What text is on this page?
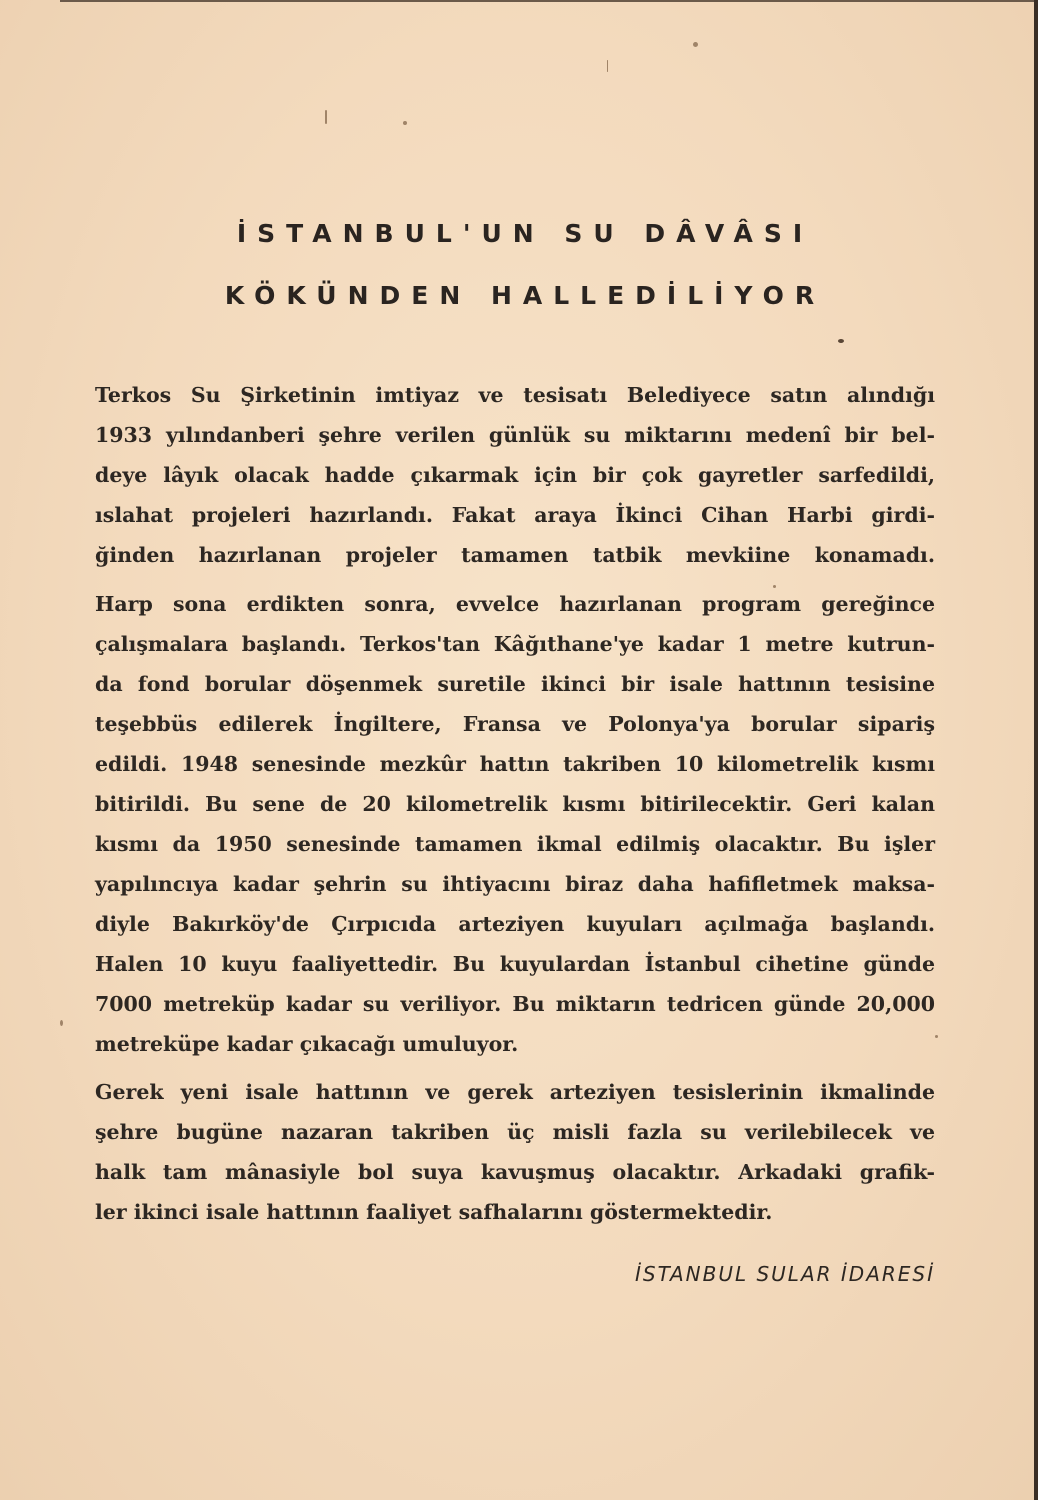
İSTANBUL'UN SU DÂVÂSI
KÖKÜNDEN HALLEDİLİYOR
Terkos Su Şirketinin imtiyaz ve tesisatı Belediyece satın alındığı
1933 yılındanberi şehre verilen günlük su miktarını medenî bir bel-
deye lâyık olacak hadde çıkarmak için bir çok gayretler sarfedildi,
ıslahat projeleri hazırlandı. Fakat araya İkinci Cihan Harbi girdi-
ğinden hazırlanan projeler tamamen tatbik mevkiine konamadı.
Harp sona erdikten sonra, evvelce hazırlanan program gereğince
çalışmalara başlandı. Terkos'tan Kâğıthane'ye kadar 1 metre kutrun-
da fond borular döşenmek suretile ikinci bir isale hattının tesisine
teşebbüs edilerek İngiltere, Fransa ve Polonya'ya borular sipariş
edildi. 1948 senesinde mezkûr hattın takriben 10 kilometrelik kısmı
bitirildi. Bu sene de 20 kilometrelik kısmı bitirilecektir. Geri kalan
kısmı da 1950 senesinde tamamen ikmal edilmiş olacaktır. Bu işler
yapılıncıya kadar şehrin su ihtiyacını biraz daha hafifletmek maksa-
diyle Bakırköy'de Çırpıcıda arteziyen kuyuları açılmağa başlandı.
Halen 10 kuyu faaliyettedir. Bu kuyulardan İstanbul cihetine günde
7000 metreküp kadar su veriliyor. Bu miktarın tedricen günde 20,000
metreküpe kadar çıkacağı umuluyor.
Gerek yeni isale hattının ve gerek arteziyen tesislerinin ikmalinde
şehre bugüne nazaran takriben üç misli fazla su verilebilecek ve
halk tam mânasiyle bol suya kavuşmuş olacaktır. Arkadaki grafik-
ler ikinci isale hattının faaliyet safhalarını göstermektedir.
İSTANBUL SULAR İDARESİ
